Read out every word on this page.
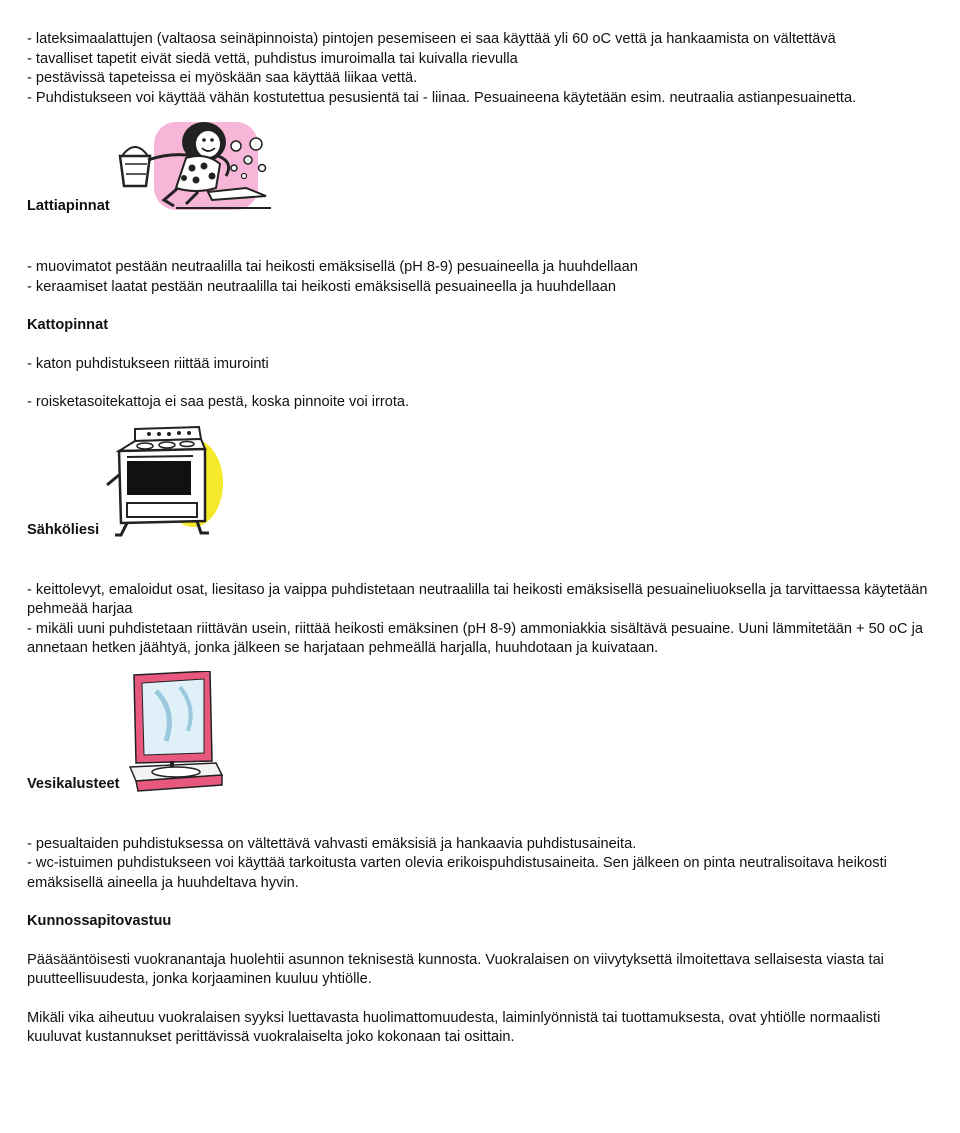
- lateksimaalattujen (valtaosa seinäpinnoista) pintojen pesemiseen ei saa käyttää yli 60 oC vettä ja hankaamista on vältettävä

- tavalliset tapetit eivät siedä vettä, puhdistus imuroimalla tai kuivalla rievulla

- pestävissä tapeteissa ei myöskään saa käyttää liikaa vettä.

- Puhdistukseen voi käyttää vähän kostutettua pesusientä tai - liinaa. Pesuaineena käytetään esim. neutraalia astianpesuainetta.

Lattiapinnat

- muovimatot pestään neutraalilla tai heikosti emäksisellä (pH 8-9) pesuaineella ja huuhdellaan

- keraamiset laatat pestään neutraalilla tai heikosti emäksisellä pesuaineella ja huuhdellaan

Kattopinnat

- katon puhdistukseen riittää imurointi

- roisketasoitekattoja ei saa pestä, koska pinnoite voi irrota.

Sähköliesi

- keittolevyt, emaloidut osat, liesitaso ja vaippa puhdistetaan neutraalilla tai heikosti emäksisellä pesuaineliuoksella ja tarvittaessa käytetään pehmeää harjaa

- mikäli uuni puhdistetaan riittävän usein, riittää heikosti emäksinen (pH 8-9) ammoniakkia sisältävä pesuaine. Uuni lämmitetään + 50 oC ja annetaan hetken jäähtyä, jonka jälkeen se harjataan pehmeällä harjalla, huuhdotaan ja kuivataan.

Vesikalusteet

- pesualtaiden puhdistuksessa on vältettävä vahvasti emäksisiä ja hankaavia puhdistusaineita.

- wc-istuimen puhdistukseen voi käyttää tarkoitusta varten olevia erikoispuhdistusaineita. Sen jälkeen on pinta neutralisoitava heikosti emäksisellä aineella ja huuhdeltava hyvin.

Kunnossapitovastuu

Pääsääntöisesti vuokranantaja huolehtii asunnon teknisestä kunnosta. Vuokralaisen on viivytyksettä ilmoitettava sellaisesta viasta tai puutteellisuudesta, jonka korjaaminen kuuluu yhtiölle.

Mikäli vika aiheutuu vuokralaisen syyksi luettavasta huolimattomuudesta, laiminlyönnistä tai tuottamuksesta, ovat yhtiölle normaalisti kuuluvat kustannukset perittävissä vuokralaiselta joko kokonaan tai osittain.
